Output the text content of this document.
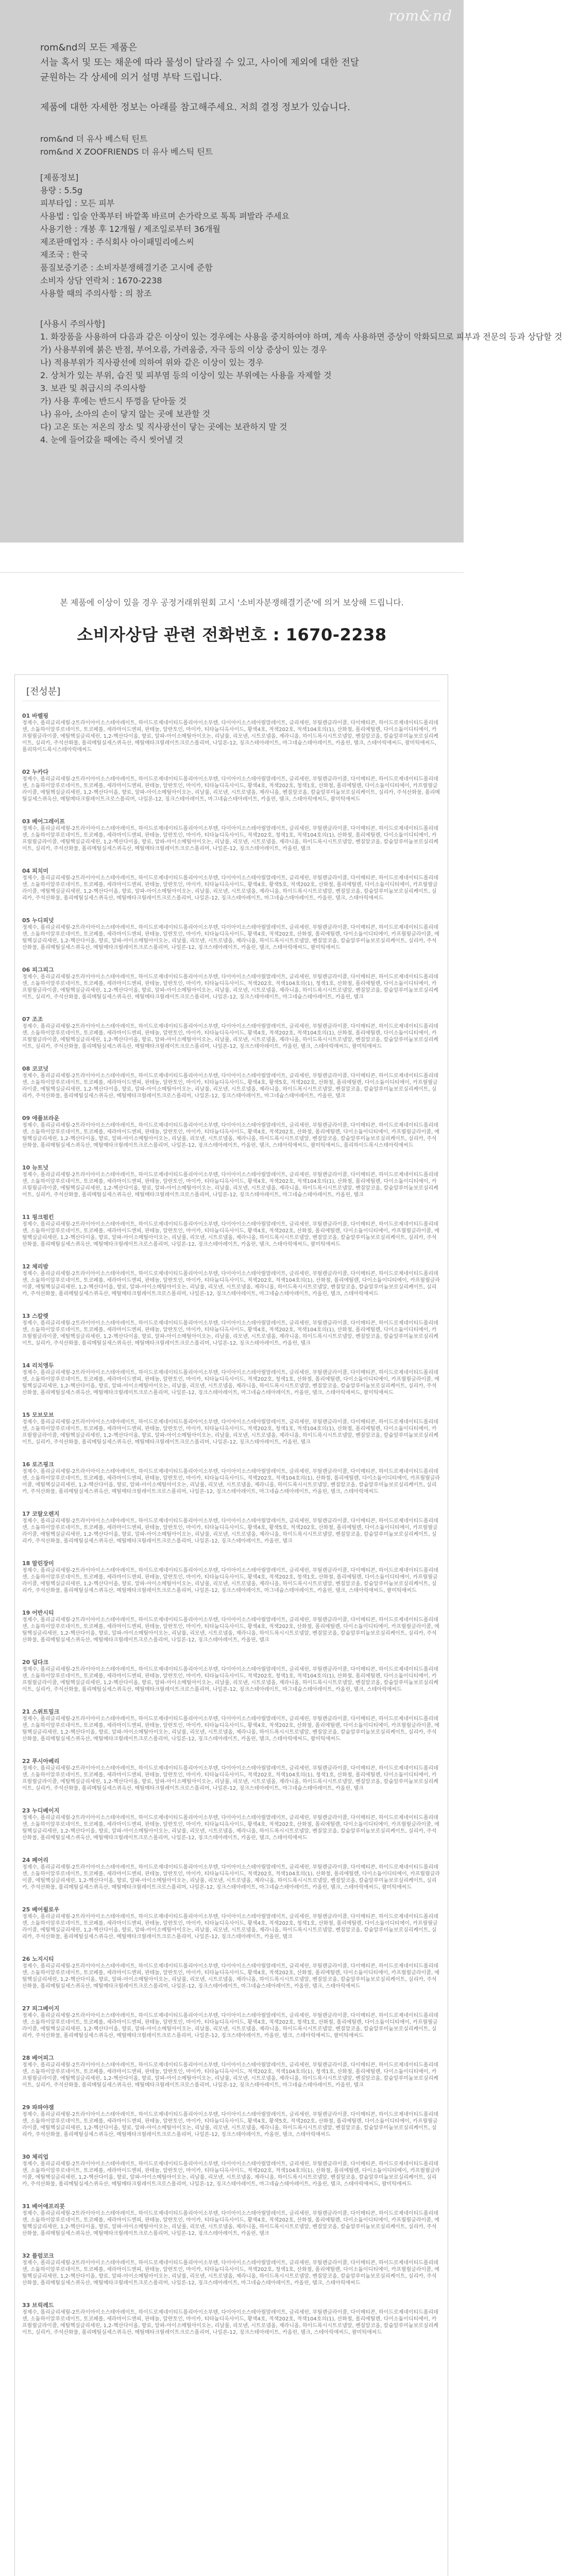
rom&nd
rom&nd의 모든 제품은
서늘 혹서 및 또는 채운에 따라 물성이 달라질 수 있고, 사이에 제외에 대한 전달
균원하는 각 상세에 의거 설명 부탁 드립니다.

제품에 대한 자세한 정보는 아래를 참고해주세요. 저희 결정 정보가 있습니다.
rom&nd 더 유사 베스틱 틴트
rom&nd X ZOOFRIENDS 더 유사 베스틱 틴트

[제품정보]
용량 : 5.5g
피부타입 : 모든 피부
사용법 : 입술 안쪽부터 바깥쪽 바르며 손가락으로 톡톡 펴발라 주세요
사용기한 : 개봉 후 12개월 / 제조일로부터 36개월
제조판매업자 : 주식회사 아이패밀리에스씨
제조국 : 한국
품질보증기준 : 소비자분쟁해결기준 고시에 준함
소비자 상담 연락처 : 1670-2238
사용할 때의 주의사항 : 의 참조
[사용시 주의사항]
1. 화장품을 사용하여 다음과 같은 이상이 있는 경우에는 사용을 중지하여야 하며, 계속 사용하면 증상이 악화되므로 피부과 전문의 등과 상담할 것
가) 사용부위에 붉은 반점, 부어오름, 가려움증, 자극 등의 이상 증상이 있는 경우
나) 적용부위가 직사광선에 의하여 위와 같은 이상이 있는 경우
2. 상처가 있는 부위, 습진 및 피부염 등의 이상이 있는 부위에는 사용을 자제할 것
3. 보관 및 취급시의 주의사항
가) 사용 후에는 반드시 뚜껑을 닫아둘 것
나) 유아, 소아의 손이 닿지 않는 곳에 보관할 것
다) 고온 또는 저온의 장소 및 직사광선이 닿는 곳에는 보관하지 말 것
4. 눈에 들어갔을 때에는 즉시 씻어낼 것
본 제품에 이상이 있을 경우 공정거래위원회 고시 '소비자분쟁해결기준'에 의거 보상해 드립니다.
소비자상담 관련 전화번호 : 1670-2238
[전성분]
01 바벨핑
정제수, 폴리글리세릴-2트라이아이소스테아레이트, 하이드로제네이티드폴리아이소부텐, 다이아이소스테아릴말레이트, 글리세린, 부틸렌글라이콜, 다이메티콘, 하이드로제네이티드폴리데센, 소듐하이알루로네이트, 토코페롤, 세라마이드엔피, 판테놀, 알란토인, 마이카, 티타늄디옥사이드, 황색4호, 적색202호, 적색104호의(1), 산화철, 폴리에틸렌, 다이소듐이디티에이, 카프릴릴글라이콜, 에틸헥실글리세린, 1,2-헥산다이올, 향료, 알파-아이소메틸아이오논, 리날룰, 리모넨, 시트로넬올, 제라니올, 하이드록시시트로넬알, 벤질알코올, 칼슘알루미늄보로실리케이트, 실리카, 주석산화물, 폴리메틸실세스퀴옥산, 메틸메타크릴레이트크로스폴리머, 나일론-12, 징크스테아레이트, 마그네슘스테아레이트, 카올린, 탤크, 스테아릭애씨드, 팔미틱애씨드, 폴리하이드록시스테아릭애씨드
02 누카다
정제수, 폴리글리세릴-2트라이아이소스테아레이트, 하이드로제네이티드폴리아이소부텐, 다이아이소스테아릴말레이트, 글리세린, 부틸렌글라이콜, 다이메티콘, 하이드로제네이티드폴리데센, 소듐하이알루로네이트, 토코페롤, 세라마이드엔피, 판테놀, 알란토인, 마이카, 티타늄디옥사이드, 황색4호, 적색202호, 청색1호, 산화철, 폴리에틸렌, 다이소듐이디티에이, 카프릴릴글라이콜, 에틸헥실글리세린, 1,2-헥산다이올, 향료, 알파-아이소메틸아이오논, 리날룰, 리모넨, 시트로넬올, 제라니올, 벤질알코올, 칼슘알루미늄보로실리케이트, 실리카, 주석산화물, 폴리메틸실세스퀴옥산, 메틸메타크릴레이트크로스폴리머, 나일론-12, 징크스테아레이트, 마그네슘스테아레이트, 카올린, 탤크, 스테아릭애씨드, 팔미틱애씨드
03 베어그레이프
정제수, 폴리글리세릴-2트라이아이소스테아레이트, 하이드로제네이티드폴리아이소부텐, 다이아이소스테아릴말레이트, 글리세린, 부틸렌글라이콜, 다이메티콘, 하이드로제네이티드폴리데센, 소듐하이알루로네이트, 토코페롤, 세라마이드엔피, 판테놀, 알란토인, 마이카, 티타늄디옥사이드, 적색202호, 청색1호, 적색104호의(1), 산화철, 폴리에틸렌, 다이소듐이디티에이, 카프릴릴글라이콜, 에틸헥실글리세린, 1,2-헥산다이올, 향료, 알파-아이소메틸아이오논, 리날룰, 리모넨, 시트로넬올, 제라니올, 하이드록시시트로넬알, 벤질알코올, 칼슘알루미늄보로실리케이트, 실리카, 주석산화물, 폴리메틸실세스퀴옥산, 메틸메타크릴레이트크로스폴리머, 나일론-12, 징크스테아레이트, 카올린, 탤크
04 피치미
정제수, 폴리글리세릴-2트라이아이소스테아레이트, 하이드로제네이티드폴리아이소부텐, 다이아이소스테아릴말레이트, 글리세린, 부틸렌글라이콜, 다이메티콘, 하이드로제네이티드폴리데센, 소듐하이알루로네이트, 토코페롤, 세라마이드엔피, 판테놀, 알란토인, 마이카, 티타늄디옥사이드, 황색4호, 황색5호, 적색202호, 산화철, 폴리에틸렌, 다이소듐이디티에이, 카프릴릴글라이콜, 에틸헥실글리세린, 1,2-헥산다이올, 향료, 알파-아이소메틸아이오논, 리날룰, 리모넨, 시트로넬올, 제라니올, 하이드록시시트로넬알, 벤질알코올, 칼슘알루미늄보로실리케이트, 실리카, 주석산화물, 폴리메틸실세스퀴옥산, 메틸메타크릴레이트크로스폴리머, 나일론-12, 징크스테아레이트, 마그네슘스테아레이트, 카올린, 탤크, 스테아릭애씨드
05 누디피넛
정제수, 폴리글리세릴-2트라이아이소스테아레이트, 하이드로제네이티드폴리아이소부텐, 다이아이소스테아릴말레이트, 글리세린, 부틸렌글라이콜, 다이메티콘, 하이드로제네이티드폴리데센, 소듐하이알루로네이트, 토코페롤, 세라마이드엔피, 판테놀, 알란토인, 마이카, 티타늄디옥사이드, 황색4호, 적색202호, 산화철, 폴리에틸렌, 다이소듐이디티에이, 카프릴릴글라이콜, 에틸헥실글리세린, 1,2-헥산다이올, 향료, 알파-아이소메틸아이오논, 리날룰, 리모넨, 시트로넬올, 제라니올, 하이드록시시트로넬알, 벤질알코올, 칼슘알루미늄보로실리케이트, 실리카, 주석산화물, 폴리메틸실세스퀴옥산, 메틸메타크릴레이트크로스폴리머, 나일론-12, 징크스테아레이트, 카올린, 탤크, 스테아릭애씨드, 팔미틱애씨드
06 피그피그
정제수, 폴리글리세릴-2트라이아이소스테아레이트, 하이드로제네이티드폴리아이소부텐, 다이아이소스테아릴말레이트, 글리세린, 부틸렌글라이콜, 다이메티콘, 하이드로제네이티드폴리데센, 소듐하이알루로네이트, 토코페롤, 세라마이드엔피, 판테놀, 알란토인, 마이카, 티타늄디옥사이드, 적색202호, 적색104호의(1), 청색1호, 산화철, 폴리에틸렌, 다이소듐이디티에이, 카프릴릴글라이콜, 에틸헥실글리세린, 1,2-헥산다이올, 향료, 알파-아이소메틸아이오논, 리날룰, 리모넨, 시트로넬올, 제라니올, 하이드록시시트로넬알, 벤질알코올, 칼슘알루미늄보로실리케이트, 실리카, 주석산화물, 폴리메틸실세스퀴옥산, 메틸메타크릴레이트크로스폴리머, 나일론-12, 징크스테아레이트, 마그네슘스테아레이트, 카올린, 탤크
07 조조
정제수, 폴리글리세릴-2트라이아이소스테아레이트, 하이드로제네이티드폴리아이소부텐, 다이아이소스테아릴말레이트, 글리세린, 부틸렌글라이콜, 다이메티콘, 하이드로제네이티드폴리데센, 소듐하이알루로네이트, 토코페롤, 세라마이드엔피, 판테놀, 알란토인, 마이카, 티타늄디옥사이드, 황색4호, 적색202호, 적색104호의(1), 산화철, 폴리에틸렌, 다이소듐이디티에이, 카프릴릴글라이콜, 에틸헥실글리세린, 1,2-헥산다이올, 향료, 알파-아이소메틸아이오논, 리날룰, 리모넨, 시트로넬올, 제라니올, 하이드록시시트로넬알, 벤질알코올, 칼슘알루미늄보로실리케이트, 실리카, 주석산화물, 폴리메틸실세스퀴옥산, 메틸메타크릴레이트크로스폴리머, 나일론-12, 징크스테아레이트, 카올린, 탤크, 스테아릭애씨드, 팔미틱애씨드
08 코코넛
정제수, 폴리글리세릴-2트라이아이소스테아레이트, 하이드로제네이티드폴리아이소부텐, 다이아이소스테아릴말레이트, 글리세린, 부틸렌글라이콜, 다이메티콘, 하이드로제네이티드폴리데센, 소듐하이알루로네이트, 토코페롤, 세라마이드엔피, 판테놀, 알란토인, 마이카, 티타늄디옥사이드, 황색4호, 황색5호, 적색202호, 산화철, 폴리에틸렌, 다이소듐이디티에이, 카프릴릴글라이콜, 에틸헥실글리세린, 1,2-헥산다이올, 향료, 알파-아이소메틸아이오논, 리날룰, 리모넨, 시트로넬올, 제라니올, 하이드록시시트로넬알, 벤질알코올, 칼슘알루미늄보로실리케이트, 실리카, 주석산화물, 폴리메틸실세스퀴옥산, 메틸메타크릴레이트크로스폴리머, 나일론-12, 징크스테아레이트, 마그네슘스테아레이트, 카올린, 탤크
09 애플브라운
정제수, 폴리글리세릴-2트라이아이소스테아레이트, 하이드로제네이티드폴리아이소부텐, 다이아이소스테아릴말레이트, 글리세린, 부틸렌글라이콜, 다이메티콘, 하이드로제네이티드폴리데센, 소듐하이알루로네이트, 토코페롤, 세라마이드엔피, 판테놀, 알란토인, 마이카, 티타늄디옥사이드, 황색4호, 적색202호, 산화철, 폴리에틸렌, 다이소듐이디티에이, 카프릴릴글라이콜, 에틸헥실글리세린, 1,2-헥산다이올, 향료, 알파-아이소메틸아이오논, 리날룰, 리모넨, 시트로넬올, 제라니올, 하이드록시시트로넬알, 벤질알코올, 칼슘알루미늄보로실리케이트, 실리카, 주석산화물, 폴리메틸실세스퀴옥산, 메틸메타크릴레이트크로스폴리머, 나일론-12, 징크스테아레이트, 카올린, 탤크, 스테아릭애씨드, 팔미틱애씨드, 폴리하이드록시스테아릭애씨드
10 뉴트넛
정제수, 폴리글리세릴-2트라이아이소스테아레이트, 하이드로제네이티드폴리아이소부텐, 다이아이소스테아릴말레이트, 글리세린, 부틸렌글라이콜, 다이메티콘, 하이드로제네이티드폴리데센, 소듐하이알루로네이트, 토코페롤, 세라마이드엔피, 판테놀, 알란토인, 마이카, 티타늄디옥사이드, 황색4호, 적색202호, 적색104호의(1), 산화철, 폴리에틸렌, 다이소듐이디티에이, 카프릴릴글라이콜, 에틸헥실글리세린, 1,2-헥산다이올, 향료, 알파-아이소메틸아이오논, 리날룰, 리모넨, 시트로넬올, 제라니올, 하이드록시시트로넬알, 벤질알코올, 칼슘알루미늄보로실리케이트, 실리카, 주석산화물, 폴리메틸실세스퀴옥산, 메틸메타크릴레이트크로스폴리머, 나일론-12, 징크스테아레이트, 마그네슘스테아레이트, 카올린, 탤크
11 핑크펌킨
정제수, 폴리글리세릴-2트라이아이소스테아레이트, 하이드로제네이티드폴리아이소부텐, 다이아이소스테아릴말레이트, 글리세린, 부틸렌글라이콜, 다이메티콘, 하이드로제네이티드폴리데센, 소듐하이알루로네이트, 토코페롤, 세라마이드엔피, 판테놀, 알란토인, 마이카, 티타늄디옥사이드, 황색4호, 적색202호, 산화철, 폴리에틸렌, 다이소듐이디티에이, 카프릴릴글라이콜, 에틸헥실글리세린, 1,2-헥산다이올, 향료, 알파-아이소메틸아이오논, 리날룰, 리모넨, 시트로넬올, 제라니올, 하이드록시시트로넬알, 벤질알코올, 칼슘알루미늄보로실리케이트, 실리카, 주석산화물, 폴리메틸실세스퀴옥산, 메틸메타크릴레이트크로스폴리머, 나일론-12, 징크스테아레이트, 카올린, 탤크, 스테아릭애씨드, 팔미틱애씨드
12 체리밤
정제수, 폴리글리세릴-2트라이아이소스테아레이트, 하이드로제네이티드폴리아이소부텐, 다이아이소스테아릴말레이트, 글리세린, 부틸렌글라이콜, 다이메티콘, 하이드로제네이티드폴리데센, 소듐하이알루로네이트, 토코페롤, 세라마이드엔피, 판테놀, 알란토인, 마이카, 티타늄디옥사이드, 적색202호, 적색104호의(1), 산화철, 폴리에틸렌, 다이소듐이디티에이, 카프릴릴글라이콜, 에틸헥실글리세린, 1,2-헥산다이올, 향료, 알파-아이소메틸아이오논, 리날룰, 리모넨, 시트로넬올, 제라니올, 하이드록시시트로넬알, 벤질알코올, 칼슘알루미늄보로실리케이트, 실리카, 주석산화물, 폴리메틸실세스퀴옥산, 메틸메타크릴레이트크로스폴리머, 나일론-12, 징크스테아레이트, 마그네슘스테아레이트, 카올린, 탤크, 스테아릭애씨드
13 스칼렛
정제수, 폴리글리세릴-2트라이아이소스테아레이트, 하이드로제네이티드폴리아이소부텐, 다이아이소스테아릴말레이트, 글리세린, 부틸렌글라이콜, 다이메티콘, 하이드로제네이티드폴리데센, 소듐하이알루로네이트, 토코페롤, 세라마이드엔피, 판테놀, 알란토인, 마이카, 티타늄디옥사이드, 황색4호, 적색202호, 적색104호의(1), 산화철, 폴리에틸렌, 다이소듐이디티에이, 카프릴릴글라이콜, 에틸헥실글리세린, 1,2-헥산다이올, 향료, 알파-아이소메틸아이오논, 리날룰, 리모넨, 시트로넬올, 제라니올, 하이드록시시트로넬알, 벤질알코올, 칼슘알루미늄보로실리케이트, 실리카, 주석산화물, 폴리메틸실세스퀴옥산, 메틸메타크릴레이트크로스폴리머, 나일론-12, 징크스테아레이트, 카올린, 탤크
14 리치앵두
정제수, 폴리글리세릴-2트라이아이소스테아레이트, 하이드로제네이티드폴리아이소부텐, 다이아이소스테아릴말레이트, 글리세린, 부틸렌글라이콜, 다이메티콘, 하이드로제네이티드폴리데센, 소듐하이알루로네이트, 토코페롤, 세라마이드엔피, 판테놀, 알란토인, 마이카, 티타늄디옥사이드, 적색202호, 청색1호, 산화철, 폴리에틸렌, 다이소듐이디티에이, 카프릴릴글라이콜, 에틸헥실글리세린, 1,2-헥산다이올, 향료, 알파-아이소메틸아이오논, 리날룰, 리모넨, 시트로넬올, 제라니올, 하이드록시시트로넬알, 벤질알코올, 칼슘알루미늄보로실리케이트, 실리카, 주석산화물, 폴리메틸실세스퀴옥산, 메틸메타크릴레이트크로스폴리머, 나일론-12, 징크스테아레이트, 마그네슘스테아레이트, 카올린, 탤크, 스테아릭애씨드, 팔미틱애씨드
15 모브모브
정제수, 폴리글리세릴-2트라이아이소스테아레이트, 하이드로제네이티드폴리아이소부텐, 다이아이소스테아릴말레이트, 글리세린, 부틸렌글라이콜, 다이메티콘, 하이드로제네이티드폴리데센, 소듐하이알루로네이트, 토코페롤, 세라마이드엔피, 판테놀, 알란토인, 마이카, 티타늄디옥사이드, 적색202호, 청색1호, 적색104호의(1), 산화철, 폴리에틸렌, 다이소듐이디티에이, 카프릴릴글라이콜, 에틸헥실글리세린, 1,2-헥산다이올, 향료, 알파-아이소메틸아이오논, 리날룰, 리모넨, 시트로넬올, 제라니올, 하이드록시시트로넬알, 벤질알코올, 칼슘알루미늄보로실리케이트, 실리카, 주석산화물, 폴리메틸실세스퀴옥산, 메틸메타크릴레이트크로스폴리머, 나일론-12, 징크스테아레이트, 카올린, 탤크
16 로즈핑크
정제수, 폴리글리세릴-2트라이아이소스테아레이트, 하이드로제네이티드폴리아이소부텐, 다이아이소스테아릴말레이트, 글리세린, 부틸렌글라이콜, 다이메티콘, 하이드로제네이티드폴리데센, 소듐하이알루로네이트, 토코페롤, 세라마이드엔피, 판테놀, 알란토인, 마이카, 티타늄디옥사이드, 적색202호, 적색104호의(1), 산화철, 폴리에틸렌, 다이소듐이디티에이, 카프릴릴글라이콜, 에틸헥실글리세린, 1,2-헥산다이올, 향료, 알파-아이소메틸아이오논, 리날룰, 리모넨, 시트로넬올, 제라니올, 하이드록시시트로넬알, 벤질알코올, 칼슘알루미늄보로실리케이트, 실리카, 주석산화물, 폴리메틸실세스퀴옥산, 메틸메타크릴레이트크로스폴리머, 나일론-12, 징크스테아레이트, 마그네슘스테아레이트, 카올린, 탤크, 스테아릭애씨드
17 코랄오렌지
정제수, 폴리글리세릴-2트라이아이소스테아레이트, 하이드로제네이티드폴리아이소부텐, 다이아이소스테아릴말레이트, 글리세린, 부틸렌글라이콜, 다이메티콘, 하이드로제네이티드폴리데센, 소듐하이알루로네이트, 토코페롤, 세라마이드엔피, 판테놀, 알란토인, 마이카, 티타늄디옥사이드, 황색4호, 황색5호, 적색202호, 산화철, 폴리에틸렌, 다이소듐이디티에이, 카프릴릴글라이콜, 에틸헥실글리세린, 1,2-헥산다이올, 향료, 알파-아이소메틸아이오논, 리날룰, 리모넨, 시트로넬올, 제라니올, 하이드록시시트로넬알, 벤질알코올, 칼슘알루미늄보로실리케이트, 실리카, 주석산화물, 폴리메틸실세스퀴옥산, 메틸메타크릴레이트크로스폴리머, 나일론-12, 징크스테아레이트, 카올린, 탤크
18 말린장미
정제수, 폴리글리세릴-2트라이아이소스테아레이트, 하이드로제네이티드폴리아이소부텐, 다이아이소스테아릴말레이트, 글리세린, 부틸렌글라이콜, 다이메티콘, 하이드로제네이티드폴리데센, 소듐하이알루로네이트, 토코페롤, 세라마이드엔피, 판테놀, 알란토인, 마이카, 티타늄디옥사이드, 황색4호, 적색202호, 청색1호, 산화철, 폴리에틸렌, 다이소듐이디티에이, 카프릴릴글라이콜, 에틸헥실글리세린, 1,2-헥산다이올, 향료, 알파-아이소메틸아이오논, 리날룰, 리모넨, 시트로넬올, 제라니올, 하이드록시시트로넬알, 벤질알코올, 칼슘알루미늄보로실리케이트, 실리카, 주석산화물, 폴리메틸실세스퀴옥산, 메틸메타크릴레이트크로스폴리머, 나일론-12, 징크스테아레이트, 마그네슘스테아레이트, 카올린, 탤크, 스테아릭애씨드, 팔미틱애씨드
19 어반시티
정제수, 폴리글리세릴-2트라이아이소스테아레이트, 하이드로제네이티드폴리아이소부텐, 다이아이소스테아릴말레이트, 글리세린, 부틸렌글라이콜, 다이메티콘, 하이드로제네이티드폴리데센, 소듐하이알루로네이트, 토코페롤, 세라마이드엔피, 판테놀, 알란토인, 마이카, 티타늄디옥사이드, 황색4호, 적색202호, 산화철, 폴리에틸렌, 다이소듐이디티에이, 카프릴릴글라이콜, 에틸헥실글리세린, 1,2-헥산다이올, 향료, 알파-아이소메틸아이오논, 리날룰, 리모넨, 시트로넬올, 제라니올, 하이드록시시트로넬알, 벤질알코올, 칼슘알루미늄보로실리케이트, 실리카, 주석산화물, 폴리메틸실세스퀴옥산, 메틸메타크릴레이트크로스폴리머, 나일론-12, 징크스테아레이트, 카올린, 탤크
20 딥다크
정제수, 폴리글리세릴-2트라이아이소스테아레이트, 하이드로제네이티드폴리아이소부텐, 다이아이소스테아릴말레이트, 글리세린, 부틸렌글라이콜, 다이메티콘, 하이드로제네이티드폴리데센, 소듐하이알루로네이트, 토코페롤, 세라마이드엔피, 판테놀, 알란토인, 마이카, 티타늄디옥사이드, 적색202호, 청색1호, 적색104호의(1), 산화철, 폴리에틸렌, 다이소듐이디티에이, 카프릴릴글라이콜, 에틸헥실글리세린, 1,2-헥산다이올, 향료, 알파-아이소메틸아이오논, 리날룰, 리모넨, 시트로넬올, 제라니올, 하이드록시시트로넬알, 벤질알코올, 칼슘알루미늄보로실리케이트, 실리카, 주석산화물, 폴리메틸실세스퀴옥산, 메틸메타크릴레이트크로스폴리머, 나일론-12, 징크스테아레이트, 마그네슘스테아레이트, 카올린, 탤크, 스테아릭애씨드
21 스위트밀크
정제수, 폴리글리세릴-2트라이아이소스테아레이트, 하이드로제네이티드폴리아이소부텐, 다이아이소스테아릴말레이트, 글리세린, 부틸렌글라이콜, 다이메티콘, 하이드로제네이티드폴리데센, 소듐하이알루로네이트, 토코페롤, 세라마이드엔피, 판테놀, 알란토인, 마이카, 티타늄디옥사이드, 황색4호, 적색202호, 산화철, 폴리에틸렌, 다이소듐이디티에이, 카프릴릴글라이콜, 에틸헥실글리세린, 1,2-헥산다이올, 향료, 알파-아이소메틸아이오논, 리날룰, 리모넨, 시트로넬올, 제라니올, 하이드록시시트로넬알, 벤질알코올, 칼슘알루미늄보로실리케이트, 실리카, 주석산화물, 폴리메틸실세스퀴옥산, 메틸메타크릴레이트크로스폴리머, 나일론-12, 징크스테아레이트, 카올린, 탤크, 스테아릭애씨드, 팔미틱애씨드
22 푸시아베리
정제수, 폴리글리세릴-2트라이아이소스테아레이트, 하이드로제네이티드폴리아이소부텐, 다이아이소스테아릴말레이트, 글리세린, 부틸렌글라이콜, 다이메티콘, 하이드로제네이티드폴리데센, 소듐하이알루로네이트, 토코페롤, 세라마이드엔피, 판테놀, 알란토인, 마이카, 티타늄디옥사이드, 적색202호, 적색104호의(1), 청색1호, 산화철, 폴리에틸렌, 다이소듐이디티에이, 카프릴릴글라이콜, 에틸헥실글리세린, 1,2-헥산다이올, 향료, 알파-아이소메틸아이오논, 리날룰, 리모넨, 시트로넬올, 제라니올, 하이드록시시트로넬알, 벤질알코올, 칼슘알루미늄보로실리케이트, 실리카, 주석산화물, 폴리메틸실세스퀴옥산, 메틸메타크릴레이트크로스폴리머, 나일론-12, 징크스테아레이트, 마그네슘스테아레이트, 카올린, 탤크
23 누디베이지
정제수, 폴리글리세릴-2트라이아이소스테아레이트, 하이드로제네이티드폴리아이소부텐, 다이아이소스테아릴말레이트, 글리세린, 부틸렌글라이콜, 다이메티콘, 하이드로제네이티드폴리데센, 소듐하이알루로네이트, 토코페롤, 세라마이드엔피, 판테놀, 알란토인, 마이카, 티타늄디옥사이드, 황색4호, 적색202호, 산화철, 폴리에틸렌, 다이소듐이디티에이, 카프릴릴글라이콜, 에틸헥실글리세린, 1,2-헥산다이올, 향료, 알파-아이소메틸아이오논, 리날룰, 리모넨, 시트로넬올, 제라니올, 하이드록시시트로넬알, 벤질알코올, 칼슘알루미늄보로실리케이트, 실리카, 주석산화물, 폴리메틸실세스퀴옥산, 메틸메타크릴레이트크로스폴리머, 나일론-12, 징크스테아레이트, 카올린, 탤크, 스테아릭애씨드
24 페어리
정제수, 폴리글리세릴-2트라이아이소스테아레이트, 하이드로제네이티드폴리아이소부텐, 다이아이소스테아릴말레이트, 글리세린, 부틸렌글라이콜, 다이메티콘, 하이드로제네이티드폴리데센, 소듐하이알루로네이트, 토코페롤, 세라마이드엔피, 판테놀, 알란토인, 마이카, 티타늄디옥사이드, 적색202호, 적색104호의(1), 산화철, 폴리에틸렌, 다이소듐이디티에이, 카프릴릴글라이콜, 에틸헥실글리세린, 1,2-헥산다이올, 향료, 알파-아이소메틸아이오논, 리날룰, 리모넨, 시트로넬올, 제라니올, 하이드록시시트로넬알, 벤질알코올, 칼슘알루미늄보로실리케이트, 실리카, 주석산화물, 폴리메틸실세스퀴옥산, 메틸메타크릴레이트크로스폴리머, 나일론-12, 징크스테아레이트, 마그네슘스테아레이트, 카올린, 탤크, 스테아릭애씨드, 팔미틱애씨드
25 베어윌로우
정제수, 폴리글리세릴-2트라이아이소스테아레이트, 하이드로제네이티드폴리아이소부텐, 다이아이소스테아릴말레이트, 글리세린, 부틸렌글라이콜, 다이메티콘, 하이드로제네이티드폴리데센, 소듐하이알루로네이트, 토코페롤, 세라마이드엔피, 판테놀, 알란토인, 마이카, 티타늄디옥사이드, 황색4호, 적색202호, 청색1호, 산화철, 폴리에틸렌, 다이소듐이디티에이, 카프릴릴글라이콜, 에틸헥실글리세린, 1,2-헥산다이올, 향료, 알파-아이소메틸아이오논, 리날룰, 리모넨, 시트로넬올, 제라니올, 하이드록시시트로넬알, 벤질알코올, 칼슘알루미늄보로실리케이트, 실리카, 주석산화물, 폴리메틸실세스퀴옥산, 메틸메타크릴레이트크로스폴리머, 나일론-12, 징크스테아레이트, 카올린, 탤크
26 노지시티
정제수, 폴리글리세릴-2트라이아이소스테아레이트, 하이드로제네이티드폴리아이소부텐, 다이아이소스테아릴말레이트, 글리세린, 부틸렌글라이콜, 다이메티콘, 하이드로제네이티드폴리데센, 소듐하이알루로네이트, 토코페롤, 세라마이드엔피, 판테놀, 알란토인, 마이카, 티타늄디옥사이드, 황색4호, 적색202호, 산화철, 폴리에틸렌, 다이소듐이디티에이, 카프릴릴글라이콜, 에틸헥실글리세린, 1,2-헥산다이올, 향료, 알파-아이소메틸아이오논, 리날룰, 리모넨, 시트로넬올, 제라니올, 하이드록시시트로넬알, 벤질알코올, 칼슘알루미늄보로실리케이트, 실리카, 주석산화물, 폴리메틸실세스퀴옥산, 메틸메타크릴레이트크로스폴리머, 나일론-12, 징크스테아레이트, 마그네슘스테아레이트, 카올린, 탤크, 스테아릭애씨드
27 피그베이지
정제수, 폴리글리세릴-2트라이아이소스테아레이트, 하이드로제네이티드폴리아이소부텐, 다이아이소스테아릴말레이트, 글리세린, 부틸렌글라이콜, 다이메티콘, 하이드로제네이티드폴리데센, 소듐하이알루로네이트, 토코페롤, 세라마이드엔피, 판테놀, 알란토인, 마이카, 티타늄디옥사이드, 황색4호, 적색202호, 청색1호, 산화철, 폴리에틸렌, 다이소듐이디티에이, 카프릴릴글라이콜, 에틸헥실글리세린, 1,2-헥산다이올, 향료, 알파-아이소메틸아이오논, 리날룰, 리모넨, 시트로넬올, 제라니올, 하이드록시시트로넬알, 벤질알코올, 칼슘알루미늄보로실리케이트, 실리카, 주석산화물, 폴리메틸실세스퀴옥산, 메틸메타크릴레이트크로스폴리머, 나일론-12, 징크스테아레이트, 카올린, 탤크, 스테아릭애씨드, 팔미틱애씨드
28 베어피그
정제수, 폴리글리세릴-2트라이아이소스테아레이트, 하이드로제네이티드폴리아이소부텐, 다이아이소스테아릴말레이트, 글리세린, 부틸렌글라이콜, 다이메티콘, 하이드로제네이티드폴리데센, 소듐하이알루로네이트, 토코페롤, 세라마이드엔피, 판테놀, 알란토인, 마이카, 티타늄디옥사이드, 적색202호, 적색104호의(1), 청색1호, 산화철, 폴리에틸렌, 다이소듐이디티에이, 카프릴릴글라이콜, 에틸헥실글리세린, 1,2-헥산다이올, 향료, 알파-아이소메틸아이오논, 리날룰, 리모넨, 시트로넬올, 제라니올, 하이드록시시트로넬알, 벤질알코올, 칼슘알루미늄보로실리케이트, 실리카, 주석산화물, 폴리메틸실세스퀴옥산, 메틸메타크릴레이트크로스폴리머, 나일론-12, 징크스테아레이트, 마그네슘스테아레이트, 카올린, 탤크
29 파파야잼
정제수, 폴리글리세릴-2트라이아이소스테아레이트, 하이드로제네이티드폴리아이소부텐, 다이아이소스테아릴말레이트, 글리세린, 부틸렌글라이콜, 다이메티콘, 하이드로제네이티드폴리데센, 소듐하이알루로네이트, 토코페롤, 세라마이드엔피, 판테놀, 알란토인, 마이카, 티타늄디옥사이드, 황색4호, 황색5호, 적색202호, 산화철, 폴리에틸렌, 다이소듐이디티에이, 카프릴릴글라이콜, 에틸헥실글리세린, 1,2-헥산다이올, 향료, 알파-아이소메틸아이오논, 리날룰, 리모넨, 시트로넬올, 제라니올, 하이드록시시트로넬알, 벤질알코올, 칼슘알루미늄보로실리케이트, 실리카, 주석산화물, 폴리메틸실세스퀴옥산, 메틸메타크릴레이트크로스폴리머, 나일론-12, 징크스테아레이트, 카올린, 탤크, 스테아릭애씨드
30 체리업
정제수, 폴리글리세릴-2트라이아이소스테아레이트, 하이드로제네이티드폴리아이소부텐, 다이아이소스테아릴말레이트, 글리세린, 부틸렌글라이콜, 다이메티콘, 하이드로제네이티드폴리데센, 소듐하이알루로네이트, 토코페롤, 세라마이드엔피, 판테놀, 알란토인, 마이카, 티타늄디옥사이드, 적색202호, 적색104호의(1), 산화철, 폴리에틸렌, 다이소듐이디티에이, 카프릴릴글라이콜, 에틸헥실글리세린, 1,2-헥산다이올, 향료, 알파-아이소메틸아이오논, 리날룰, 리모넨, 시트로넬올, 제라니올, 하이드록시시트로넬알, 벤질알코올, 칼슘알루미늄보로실리케이트, 실리카, 주석산화물, 폴리메틸실세스퀴옥산, 메틸메타크릴레이트크로스폴리머, 나일론-12, 징크스테아레이트, 마그네슘스테아레이트, 카올린, 탤크, 스테아릭애씨드, 팔미틱애씨드
31 베어애프리콧
정제수, 폴리글리세릴-2트라이아이소스테아레이트, 하이드로제네이티드폴리아이소부텐, 다이아이소스테아릴말레이트, 글리세린, 부틸렌글라이콜, 다이메티콘, 하이드로제네이티드폴리데센, 소듐하이알루로네이트, 토코페롤, 세라마이드엔피, 판테놀, 알란토인, 마이카, 티타늄디옥사이드, 황색4호, 적색202호, 산화철, 폴리에틸렌, 다이소듐이디티에이, 카프릴릴글라이콜, 에틸헥실글리세린, 1,2-헥산다이올, 향료, 알파-아이소메틸아이오논, 리날룰, 리모넨, 시트로넬올, 제라니올, 하이드록시시트로넬알, 벤질알코올, 칼슘알루미늄보로실리케이트, 실리카, 주석산화물, 폴리메틸실세스퀴옥산, 메틸메타크릴레이트크로스폴리머, 나일론-12, 징크스테아레이트, 카올린, 탤크
32 플럼코크
정제수, 폴리글리세릴-2트라이아이소스테아레이트, 하이드로제네이티드폴리아이소부텐, 다이아이소스테아릴말레이트, 글리세린, 부틸렌글라이콜, 다이메티콘, 하이드로제네이티드폴리데센, 소듐하이알루로네이트, 토코페롤, 세라마이드엔피, 판테놀, 알란토인, 마이카, 티타늄디옥사이드, 적색202호, 청색1호, 산화철, 폴리에틸렌, 다이소듐이디티에이, 카프릴릴글라이콜, 에틸헥실글리세린, 1,2-헥산다이올, 향료, 알파-아이소메틸아이오논, 리날룰, 리모넨, 시트로넬올, 제라니올, 하이드록시시트로넬알, 벤질알코올, 칼슘알루미늄보로실리케이트, 실리카, 주석산화물, 폴리메틸실세스퀴옥산, 메틸메타크릴레이트크로스폴리머, 나일론-12, 징크스테아레이트, 마그네슘스테아레이트, 카올린, 탤크, 스테아릭애씨드
33 브릭레드
정제수, 폴리글리세릴-2트라이아이소스테아레이트, 하이드로제네이티드폴리아이소부텐, 다이아이소스테아릴말레이트, 글리세린, 부틸렌글라이콜, 다이메티콘, 하이드로제네이티드폴리데센, 소듐하이알루로네이트, 토코페롤, 세라마이드엔피, 판테놀, 알란토인, 마이카, 티타늄디옥사이드, 황색4호, 적색202호, 적색104호의(1), 산화철, 폴리에틸렌, 다이소듐이디티에이, 카프릴릴글라이콜, 에틸헥실글리세린, 1,2-헥산다이올, 향료, 알파-아이소메틸아이오논, 리날룰, 리모넨, 시트로넬올, 제라니올, 하이드록시시트로넬알, 벤질알코올, 칼슘알루미늄보로실리케이트, 실리카, 주석산화물, 폴리메틸실세스퀴옥산, 메틸메타크릴레이트크로스폴리머, 나일론-12, 징크스테아레이트, 카올린, 탤크, 스테아릭애씨드, 팔미틱애씨드
